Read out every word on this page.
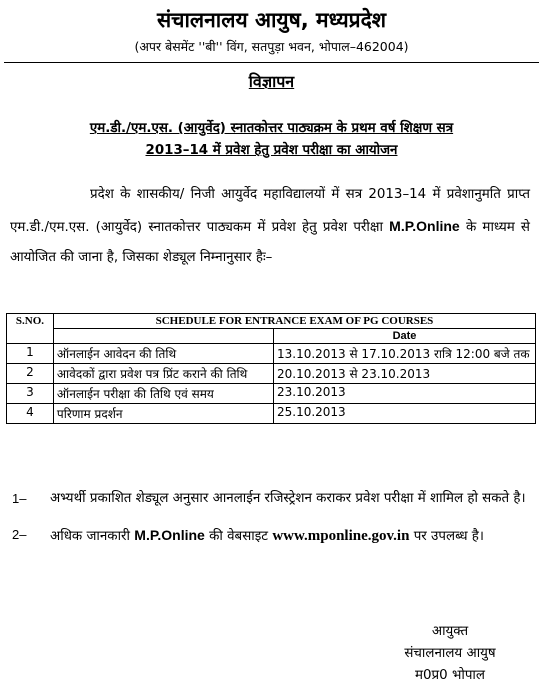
संचालनालय आयुष, मध्यप्रदेश
(अपर बेसमेंट ''बी'' विंग, सतपुड़ा भवन, भोपाल–462004)
विज्ञापन
एम.डी./एम.एस. (आयुर्वेद) स्नातकोत्तर पाठ्यक्रम के प्रथम वर्ष शिक्षण सत्र
2013–14 में प्रवेश हेतु प्रवेश परीक्षा का आयोजन
प्रदेश के शासकीय/ निजी आयुर्वेद महाविद्यालयों में सत्र 2013–14 में प्रवेशानुमति प्राप्त एम.डी./एम.एस. (आयुर्वेद) स्नातकोत्तर पाठ्यकम में प्रवेश हेतु प्रवेश परीक्षा M.P.Online के माध्यम से आयोजित की जाना है, जिसका शेड्यूल निम्नानुसार हैः–
S.NO.	SCHEDULE FOR ENTRANCE EXAM OF PG COURSES	
		Date
1	ऑनलाईन आवेदन की तिथि	13.10.2013 से 17.10.2013 रात्रि 12:00 बजे तक
2	आवेदकों द्वारा प्रवेश पत्र प्रिंट कराने की तिथि	20.10.2013 से 23.10.2013
3	ऑनलाईन परीक्षा की तिथि एवं समय	23.10.2013
4	परिणाम प्रदर्शन	25.10.2013
1– अभ्यर्थी प्रकाशित शेड्यूल अनुसार आनलाईन रजिस्ट्रेशन कराकर प्रवेश परीक्षा में शामिल हो सकते है।
2– अधिक जानकारी M.P.Online की वेबसाइट www.mponline.gov.in पर उपलब्ध है।
आयुक्त
संचालनालय आयुष
म0प्र0 भोपाल
